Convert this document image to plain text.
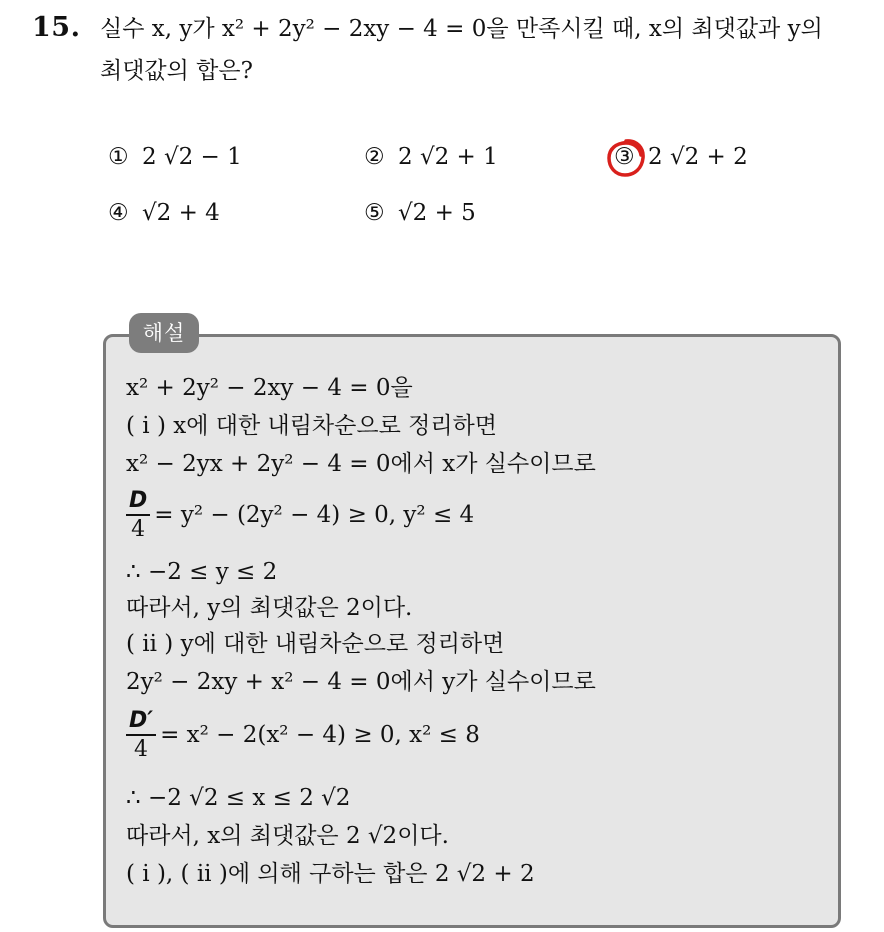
15. 실수 x, y가 x² + 2y² − 2xy − 4 = 0을 만족시킬 때, x의 최댓값과 y의
최댓값의 합은?
① 2 √2 − 1	② 2 √2 + 1	③ 2 √2 + 2
④ √2 + 4	⑤ √2 + 5
해설
x² + 2y² − 2xy − 4 = 0을
( i ) x에 대한 내림차순으로 정리하면
x² − 2yx + 2y² − 4 = 0에서 x가 실수이므로
$\frac{D}{4} = y^2 - (2y^2 - 4) \ge 0$, y² ≤ 4
∴ −2 ≤ y ≤ 2
따라서, y의 최댓값은 2이다.
( ii ) y에 대한 내림차순으로 정리하면
2y² − 2xy + x² − 4 = 0에서 y가 실수이므로
$\frac{D'}{4} = x^2 - 2(x^2 - 4) \ge 0$, x² ≤ 8
∴ −2 √2 ≤ x ≤ 2 √2
따라서, x의 최댓값은 2 √2이다.
( i ), ( ii )에 의해 구하는 합은 2 √2 + 2
